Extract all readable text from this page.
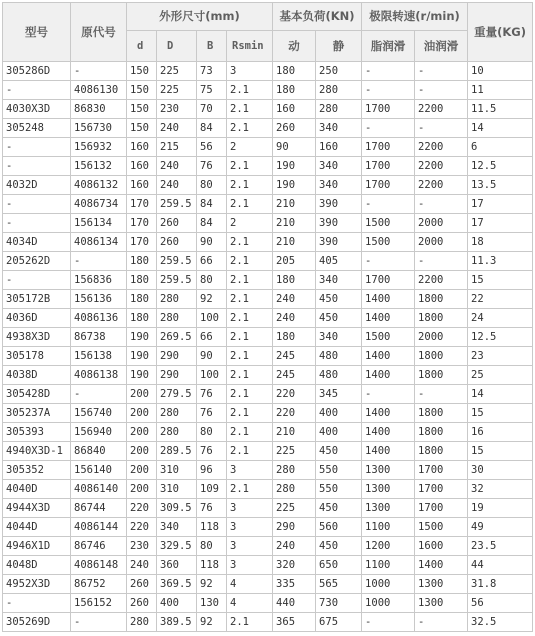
型号	原代号	外形尺寸(mm)				基本负荷(KN)		极限转速(r/min)		重量(KG)
		d	D	B	Rsmin	动	静	脂润滑	油润滑	
305286D	-	150	225	73	3	180	250	-	-	10
-	4086130	150	225	75	2.1	180	280	-	-	11
4030X3D	86830	150	230	70	2.1	160	280	1700	2200	11.5
305248	156730	150	240	84	2.1	260	340	-	-	14
-	156932	160	215	56	2	90	160	1700	2200	6
-	156132	160	240	76	2.1	190	340	1700	2200	12.5
4032D	4086132	160	240	80	2.1	190	340	1700	2200	13.5
-	4086734	170	259.5	84	2.1	210	390	-	-	17
-	156134	170	260	84	2	210	390	1500	2000	17
4034D	4086134	170	260	90	2.1	210	390	1500	2000	18
205262D	-	180	259.5	66	2.1	205	405	-	-	11.3
-	156836	180	259.5	80	2.1	180	340	1700	2200	15
305172B	156136	180	280	92	2.1	240	450	1400	1800	22
4036D	4086136	180	280	100	2.1	240	450	1400	1800	24
4938X3D	86738	190	269.5	66	2.1	180	340	1500	2000	12.5
305178	156138	190	290	90	2.1	245	480	1400	1800	23
4038D	4086138	190	290	100	2.1	245	480	1400	1800	25
305428D	-	200	279.5	76	2.1	220	345	-	-	14
305237A	156740	200	280	76	2.1	220	400	1400	1800	15
305393	156940	200	280	80	2.1	210	400	1400	1800	16
4940X3D-1	86840	200	289.5	76	2.1	225	450	1400	1800	15
305352	156140	200	310	96	3	280	550	1300	1700	30
4040D	4086140	200	310	109	2.1	280	550	1300	1700	32
4944X3D	86744	220	309.5	76	3	225	450	1300	1700	19
4044D	4086144	220	340	118	3	290	560	1100	1500	49
4946X1D	86746	230	329.5	80	3	240	450	1200	1600	23.5
4048D	4086148	240	360	118	3	320	650	1100	1400	44
4952X3D	86752	260	369.5	92	4	335	565	1000	1300	31.8
-	156152	260	400	130	4	440	730	1000	1300	56
305269D	-	280	389.5	92	2.1	365	675	-	-	32.5
